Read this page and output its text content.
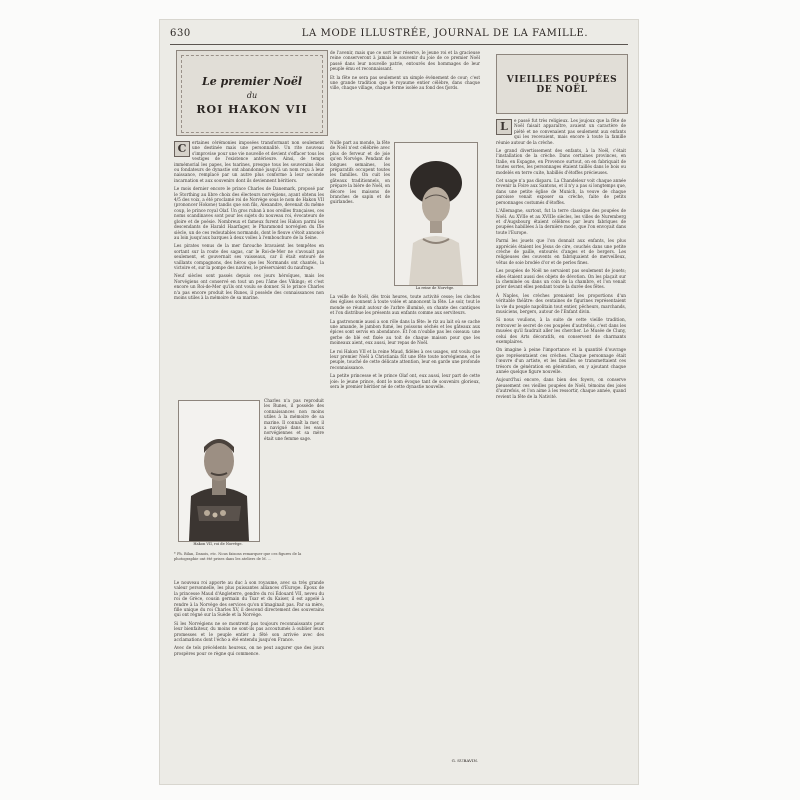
630	LA MODE ILLUSTRÉE, JOURNAL DE LA FAMILLE.
Le premier Noël
du
ROI HAKON VII

C	ertaines cérémonies imposées transformant non seulement une destinée mais une personnalité. Un rite nouveau s'improvise pour une vie nouvelle et devient s'effacer tous les vestiges de l'existence antérieure. Ainsi, de temps immémorial les papes, les tsarines, presque tous les souverains élus ou fondateurs de dynastie ont abandonné jusqu'à un nom reçu à leur naissance, remplacé par un autre plus conforme à leur seconde incarnation et aux souvenirs dont ils deviennent héritiers.

Le mois dernier encore le prince Charles de Danemark, proposé par le Storthing au libre choix des électeurs norvégiens, ayant obtenu les 4/5 des voix, a été proclamé roi de Norvège sous le nom de Hakon VII (prononcer Hokone) tandis que son fils, Alexandre, devenait du même coup, le prince royal Olaf. Un gros ruban à nos oreilles françaises, ces noms scandinaves sont pour les sujets du nouveau roi, évocateurs de gloire et de poésie. Nombreux et fameux furent les Hakon parmi les descendants de Harald Haarfager, le Pharamond norvégien du IXe siècle, un de ces redoutables normands, dont le fleuve s'étoit annoncé au loin jusqu'aux barques à deux voiles à l'embouchure de la Seine.

Les pirates venus de la mer farouche bravaient les tempêtes en sortant sur la route des sagas, car le Roi-de-Mer ne s'avouait pas seulement, et gouvernait ses vaisseaux, car il était entouré de vaillants compagnons, des héros que les Normands ont chantés, la victoire et, sur la pompe des navires, le préservaient du naufrage.

Neuf siècles sont passés depuis ces jours héroïques, mais les Norvégiens ont conservé en tout un peu l'âme des Vikings; et c'est encore un Roi-de-Mer qu'ils ont voulu se donner. Si le prince Charles n'a pas encore produit les Runes, il possède des connaissances non moins utiles à la mémoire de sa marine.

Hakon VII, roi de Norvège.

Charles n'a pas reproduit les Runes, il possède des connaissances non moins utiles à la mémoire de sa marine. Il connaît la mer, il a navigué dans les eaux norvégiennes et sa mère était une femme sage.

* Ph. Bilan, Danois, etc. Nous faisons remarquer que ces figures de la photographie ont été prises dans les ateliers de M. ...

Le nouveau roi apporte au duc à son royaume, avec sa très grande valeur personnelle, les plus puissantes alliances d'Europe. Époux de la princesse Maud d'Angleterre, gendre du roi Édouard VII, neveu du roi de Grèce, cousin germain du Tsar et du Kaiser, il est appelé à rendre à la Norvège des services qu'on n'imaginait pas. Par sa mère, fille unique du roi Charles XV, il descend directement des souverains qui ont régné sur la Suède et la Norvège.

Si les Norvégiens ne se montrent pas toujours reconnaissants pour leur bienfaiteur, du moins ne sont-ils pas accoutumés à oublier leurs promesses et le peuple entier a fêté son arrivée avec des acclamations dont l'écho a été entendu jusqu'en France.

Avec de tels précédents heureux, on ne peut augurer que des jours prospères pour ce règne qui commence.

de l'avenir, mais que ce sort leur réserve, le jeune roi et la gracieuse reine conserveront à jamais le souvenir du joie de ce premier Noël passé dans leur nouvelle patrie, entourés des hommages de leur peuple ému et reconnaissant.

Et la fête ne sera pas seulement un simple événement de cour; c'est une grande tradition que le royaume entier célèbre, dans chaque ville, chaque village, chaque ferme isolée au fond des fjords.

Nulle part au monde, la fête de Noël n'est célébrée avec plus de ferveur et de joie qu'en Norvège. Pendant de longues semaines, les préparatifs occupent toutes les familles. On cuit les gâteaux traditionnels, on prépare la bière de Noël, on décore les maisons de branches de sapin et de guirlandes.

La reine de Norvège.

La veille de Noël, dès trois heures, toute activité cesse; les cloches des églises sonnent à toute volée et annoncent la fête. Le soir, tout le monde se réunit autour de l'arbre illuminé, on chante des cantiques et l'on distribue les présents aux enfants comme aux serviteurs.

La gastronomie aussi a son rôle dans la fête: le riz au lait où se cache une amande, le jambon fumé, les poissons séchés et les gâteaux aux épices sont servis en abondance. Et l'on n'oublie pas les oiseaux: une gerbe de blé est fixée au toit de chaque maison pour que les moineaux aient, eux aussi, leur repas de Noël.

Le roi Hakon VII et la reine Maud, fidèles à ces usages, ont voulu que leur premier Noël à Christiania fût une fête toute norvégienne, et le peuple, touché de cette délicate attention, leur en garde une profonde reconnaissance.

La petite princesse et le prince Olaf ont, eux aussi, leur part de cette joie: le jeune prince, dont le nom évoque tant de souvenirs glorieux, sera le premier héritier né de cette dynastie nouvelle.

G. SUBAVIN.
VIEILLES POUPÉES DE NOËL

L	e passé fut très religieux. Les joujoux que la fête de Noël faisait apparaître, avaient un caractère de piété et ne convenaient pas seulement aux enfants qui les recevaient, mais encore à toute la famille réunie autour de la crèche.

Le grand divertissement des enfants, à la Noël, c'était l'installation de la crèche. Dans certaines provinces, en Italie, en Espagne, en Provence surtout, on en fabriquait de toutes sortes, les personnages étaient taillés dans le bois ou modelés en terre cuite, habillés d'étoffes précieuses.

Cet usage n'a pas disparu. La Chandeleur voit chaque année revenir la Foire aux Santons, et il n'y a pas si longtemps que, dans une petite église de Munich, la veuve de chaque paroisse venait exposer sa crèche, faite de petits personnages costumés d'étoffes.

L'Allemagne, surtout, fut la terre classique des poupées de Noël. Au XVIIe et au XVIIIe siècles, les villes de Nuremberg et d'Augsbourg étaient célèbres par leurs fabriques de poupées habillées à la dernière mode, que l'on envoyait dans toute l'Europe.

Parmi les jouets que l'on donnait aux enfants, les plus appréciés étaient les Jésus de cire, couchés dans une petite crèche de paille, entourés d'anges et de bergers. Les religieuses des couvents en fabriquaient de merveilleux, vêtus de soie brodée d'or et de perles fines.

Les poupées de Noël ne servaient pas seulement de jouets; elles étaient aussi des objets de dévotion. On les plaçait sur la cheminée ou dans un coin de la chambre, et l'on venait prier devant elles pendant toute la durée des fêtes.

À Naples, les crèches prenaient les proportions d'un véritable théâtre: des centaines de figurines représentaient la vie du peuple napolitain tout entier, pêcheurs, marchands, musiciens, bergers, autour de l'Enfant divin.

Si nous voulions, à la suite de cette vieille tradition, retrouver le secret de ces poupées d'autrefois, c'est dans les musées qu'il faudrait aller les chercher. Le Musée de Cluny, celui des Arts décoratifs, en conservent de charmants exemplaires.

On imagine à peine l'importance et la quantité d'ouvrage que représentaient ces crèches. Chaque personnage était l'œuvre d'un artiste, et les familles se transmettaient ces trésors de génération en génération, en y ajoutant chaque année quelque figure nouvelle.

Aujourd'hui encore, dans bien des foyers, on conserve pieusement ces vieilles poupées de Noël, témoins des joies d'autrefois, et l'on aime à les ressortir, chaque année, quand revient la fête de la Nativité.
